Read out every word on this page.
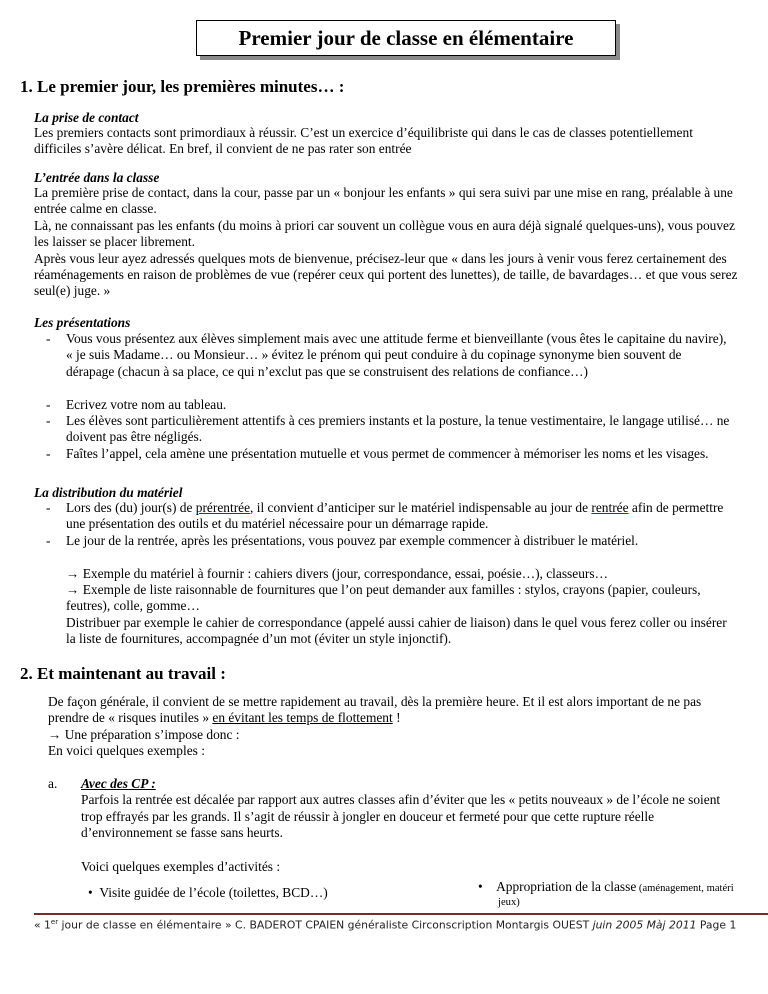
Premier jour de classe en élémentaire
1. Le premier jour, les premières minutes… :
La prise de contact
Les premiers contacts sont primordiaux à réussir. C’est un exercice d’équilibriste qui dans le cas de classes potentiellement difficiles s’avère délicat. En bref, il convient de ne pas rater son entrée
L’entrée dans la classe
La première prise de contact, dans la cour, passe par un « bonjour les enfants » qui sera suivi par une mise en rang, préalable à une entrée calme en classe.
Là, ne connaissant pas les enfants (du moins à priori car souvent un collègue vous en aura déjà signalé quelques-uns), vous pouvez les laisser se placer librement.
Après vous leur ayez adressés quelques mots de bienvenue, précisez-leur que « dans les jours à venir vous ferez certainement des réaménagements en raison de problèmes de vue (repérer ceux qui portent des lunettes), de taille, de bavardages… et que vous serez seul(e) juge. »
Les présentations
- Vous vous présentez aux élèves simplement mais avec une attitude ferme et bienveillante (vous êtes le capitaine du navire), « je suis Madame… ou Monsieur… » évitez le prénom qui peut conduire à du copinage synonyme bien souvent de dérapage (chacun à sa place, ce qui n’exclut pas que se construisent des relations de confiance…)
- Ecrivez votre nom au tableau.
- Les élèves sont particulièrement attentifs à ces premiers instants et la posture, la tenue vestimentaire, le langage utilisé… ne doivent pas être négligés.
- Faîtes l’appel, cela amène une présentation mutuelle et vous permet de commencer à mémoriser les noms et les visages.
La distribution du matériel
- Lors des (du) jour(s) de prérentrée, il convient d’anticiper sur le matériel indispensable au jour de rentrée afin de permettre une présentation des outils et du matériel nécessaire pour un démarrage rapide.
- Le jour de la rentrée, après les présentations, vous pouvez par exemple commencer à distribuer le matériel.
→ Exemple du matériel à fournir : cahiers divers (jour, correspondance, essai, poésie…), classeurs…
→ Exemple de liste raisonnable de fournitures que l’on peut demander aux familles : stylos, crayons (papier, couleurs, feutres), colle, gomme…
Distribuer par exemple le cahier de correspondance (appelé aussi cahier de liaison) dans le quel vous ferez coller ou insérer la liste de fournitures, accompagnée d’un mot (éviter un style injonctif).
2. Et maintenant au travail :
De façon générale, il convient de se mettre rapidement au travail, dès la première heure. Et il est alors important de ne pas prendre de « risques inutiles » en évitant les temps de flottement !
→ Une préparation s’impose donc :
En voici quelques exemples :
a. Avec des CP :
Parfois la rentrée est décalée par rapport aux autres classes afin d’éviter que les « petits nouveaux » de l’école ne soient trop effrayés par les grands. Il s’agit de réussir à jongler en douceur et fermeté pour que cette rupture réelle d’environnement se fasse sans heurts.
Voici quelques exemples d’activités :
• Visite guidée de l’école (toilettes, BCD…)	• Appropriation de la classe (aménagement, matéri
jeux)
« 1er jour de classe en élémentaire » C. BADEROT CPAIEN généraliste Circonscription Montargis OUEST juin 2005 Màj 2011 Page 1
